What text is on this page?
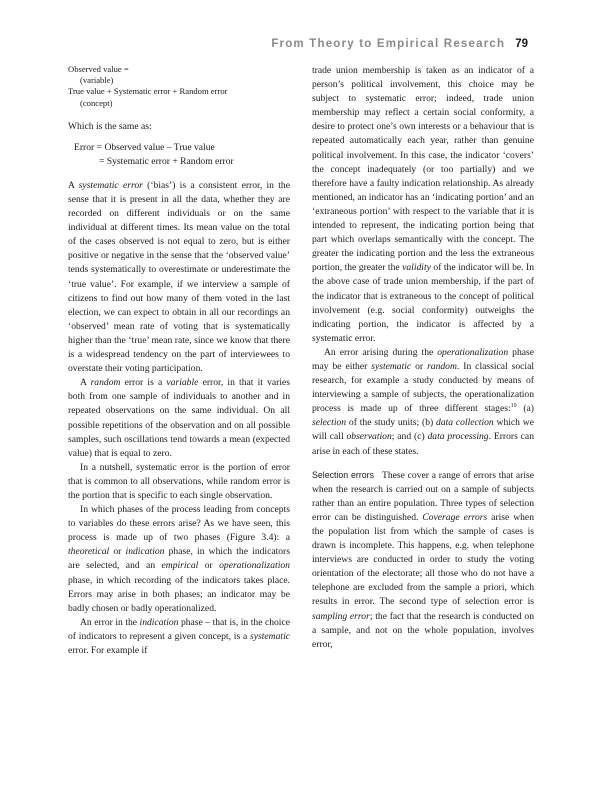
From Theory to Empirical Research 79
Observed value =
(variable)
True value + Systematic error + Random error
(concept)
Which is the same as:
Error = Observed value – True value
= Systematic error + Random error

A systematic error (‘bias’) is a consistent error, in the sense that it is present in all the data, whether they are recorded on different individuals or on the same individual at different times. Its mean value on the total of the cases observed is not equal to zero, but is either positive or negative in the sense that the ‘observed value’ tends systematically to overestimate or underestimate the ‘true value’. For example, if we interview a sample of citizens to find out how many of them voted in the last election, we can expect to obtain in all our recordings an ‘observed’ mean rate of voting that is systematically higher than the ‘true’ mean rate, since we know that there is a widespread tendency on the part of interviewees to overstate their voting participation.

A random error is a variable error, in that it varies both from one sample of individuals to another and in repeated observations on the same individual. On all possible repetitions of the observation and on all possible samples, such oscillations tend towards a mean (expected value) that is equal to zero.

In a nutshell, systematic error is the portion of error that is common to all observations, while random error is the portion that is specific to each single observation.

In which phases of the process leading from concepts to variables do these errors arise? As we have seen, this process is made up of two phases (Figure 3.4): a theoretical or indication phase, in which the indicators are selected, and an empirical or operationalization phase, in which recording of the indicators takes place. Errors may arise in both phases; an indicator may be badly chosen or badly operationalized.

An error in the indication phase – that is, in the choice of indicators to represent a given concept, is a systematic error. For example if

trade union membership is taken as an indicator of a person’s political involvement, this choice may be subject to systematic error; indeed, trade union membership may reflect a certain social conformity, a desire to protect one’s own interests or a behaviour that is repeated automatically each year, rather than genuine political involvement. In this case, the indicator ‘covers’ the concept inadequately (or too partially) and we therefore have a faulty indication relationship. As already mentioned, an indicator has an ‘indicating portion’ and an ‘extraneous portion’ with respect to the variable that it is intended to represent, the indicating portion being that part which overlaps semantically with the concept. The greater the indicating portion and the less the extraneous portion, the greater the validity of the indicator will be. In the above case of trade union membership, if the part of the indicator that is extraneous to the concept of political involvement (e.g. social conformity) outweighs the indicating portion, the indicator is affected by a systematic error.

An error arising during the operationalization phase may be either systematic or random. In classical social research, for example a study conducted by means of interviewing a sample of subjects, the operationalization process is made up of three different stages:$^{10}$ (a) selection of the study units; (b) data collection which we will call observation; and (c) data processing. Errors can arise in each of these states.

Selection errors These cover a range of errors that arise when the research is carried out on a sample of subjects rather than an entire population. Three types of selection error can be distinguished. Coverage errors arise when the population list from which the sample of cases is drawn is incomplete. This happens, e.g. when telephone interviews are conducted in order to study the voting orientation of the electorate; all those who do not have a telephone are excluded from the sample a priori, which results in error. The second type of selection error is sampling error; the fact that the research is conducted on a sample, and not on the whole population, involves error,
